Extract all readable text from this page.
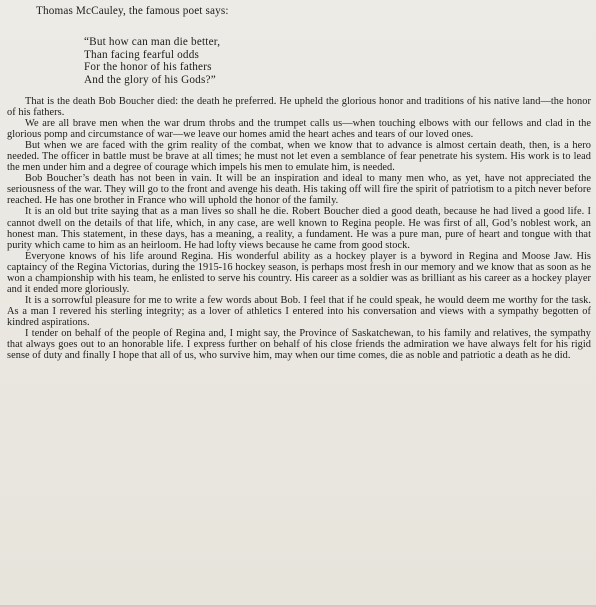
Thomas McCauley, the famous poet says:
“But how can man die better,
Than facing fearful odds
For the honor of his fathers
And the glory of his Gods?”

That is the death Bob Boucher died: the death he preferred. He upheld the glorious honor and traditions of his native land—the honor of his fathers.

We are all brave men when the war drum throbs and the trumpet calls us—when touching elbows with our fellows and clad in the glorious pomp and circumstance of war—we leave our homes amid the heart aches and tears of our loved ones.

But when we are faced with the grim reality of the combat, when we know that to advance is almost certain death, then, is a hero needed. The officer in battle must be brave at all times; he must not let even a semblance of fear penetrate his system. His work is to lead the men under him and a degree of courage which impels his men to emulate him, is needed.

Bob Boucher’s death has not been in vain. It will be an inspiration and ideal to many men who, as yet, have not appreciated the seriousness of the war. They will go to the front and avenge his death. His taking off will fire the spirit of patriotism to a pitch never before reached. He has one brother in France who will uphold the honor of the family.

It is an old but trite saying that as a man lives so shall he die. Robert Boucher died a good death, because he had lived a good life. I cannot dwell on the details of that life, which, in any case, are well known to Regina people. He was first of all, God’s noblest work, an honest man. This statement, in these days, has a meaning, a reality, a fundament. He was a pure man, pure of heart and tongue with that purity which came to him as an heirloom. He had lofty views because he came from good stock.

Everyone knows of his life around Regina. His wonderful ability as a hockey player is a byword in Regina and Moose Jaw. His captaincy of the Regina Victorias, during the 1915-16 hockey season, is perhaps most fresh in our memory and we know that as soon as he won a championship with his team, he enlisted to serve his country. His career as a soldier was as brilliant as his career as a hockey player and it ended more gloriously.

It is a sorrowful pleasure for me to write a few words about Bob. I feel that if he could speak, he would deem me worthy for the task. As a man I revered his sterling integrity; as a lover of athletics I entered into his conversation and views with a sympathy begotten of kindred aspirations.

I tender on behalf of the people of Regina and, I might say, the Province of Saskatchewan, to his family and relatives, the sympathy that always goes out to an honorable life. I express further on behalf of his close friends the admiration we have always felt for his rigid sense of duty and finally I hope that all of us, who survive him, may when our time comes, die as noble and patriotic a death as he did.
